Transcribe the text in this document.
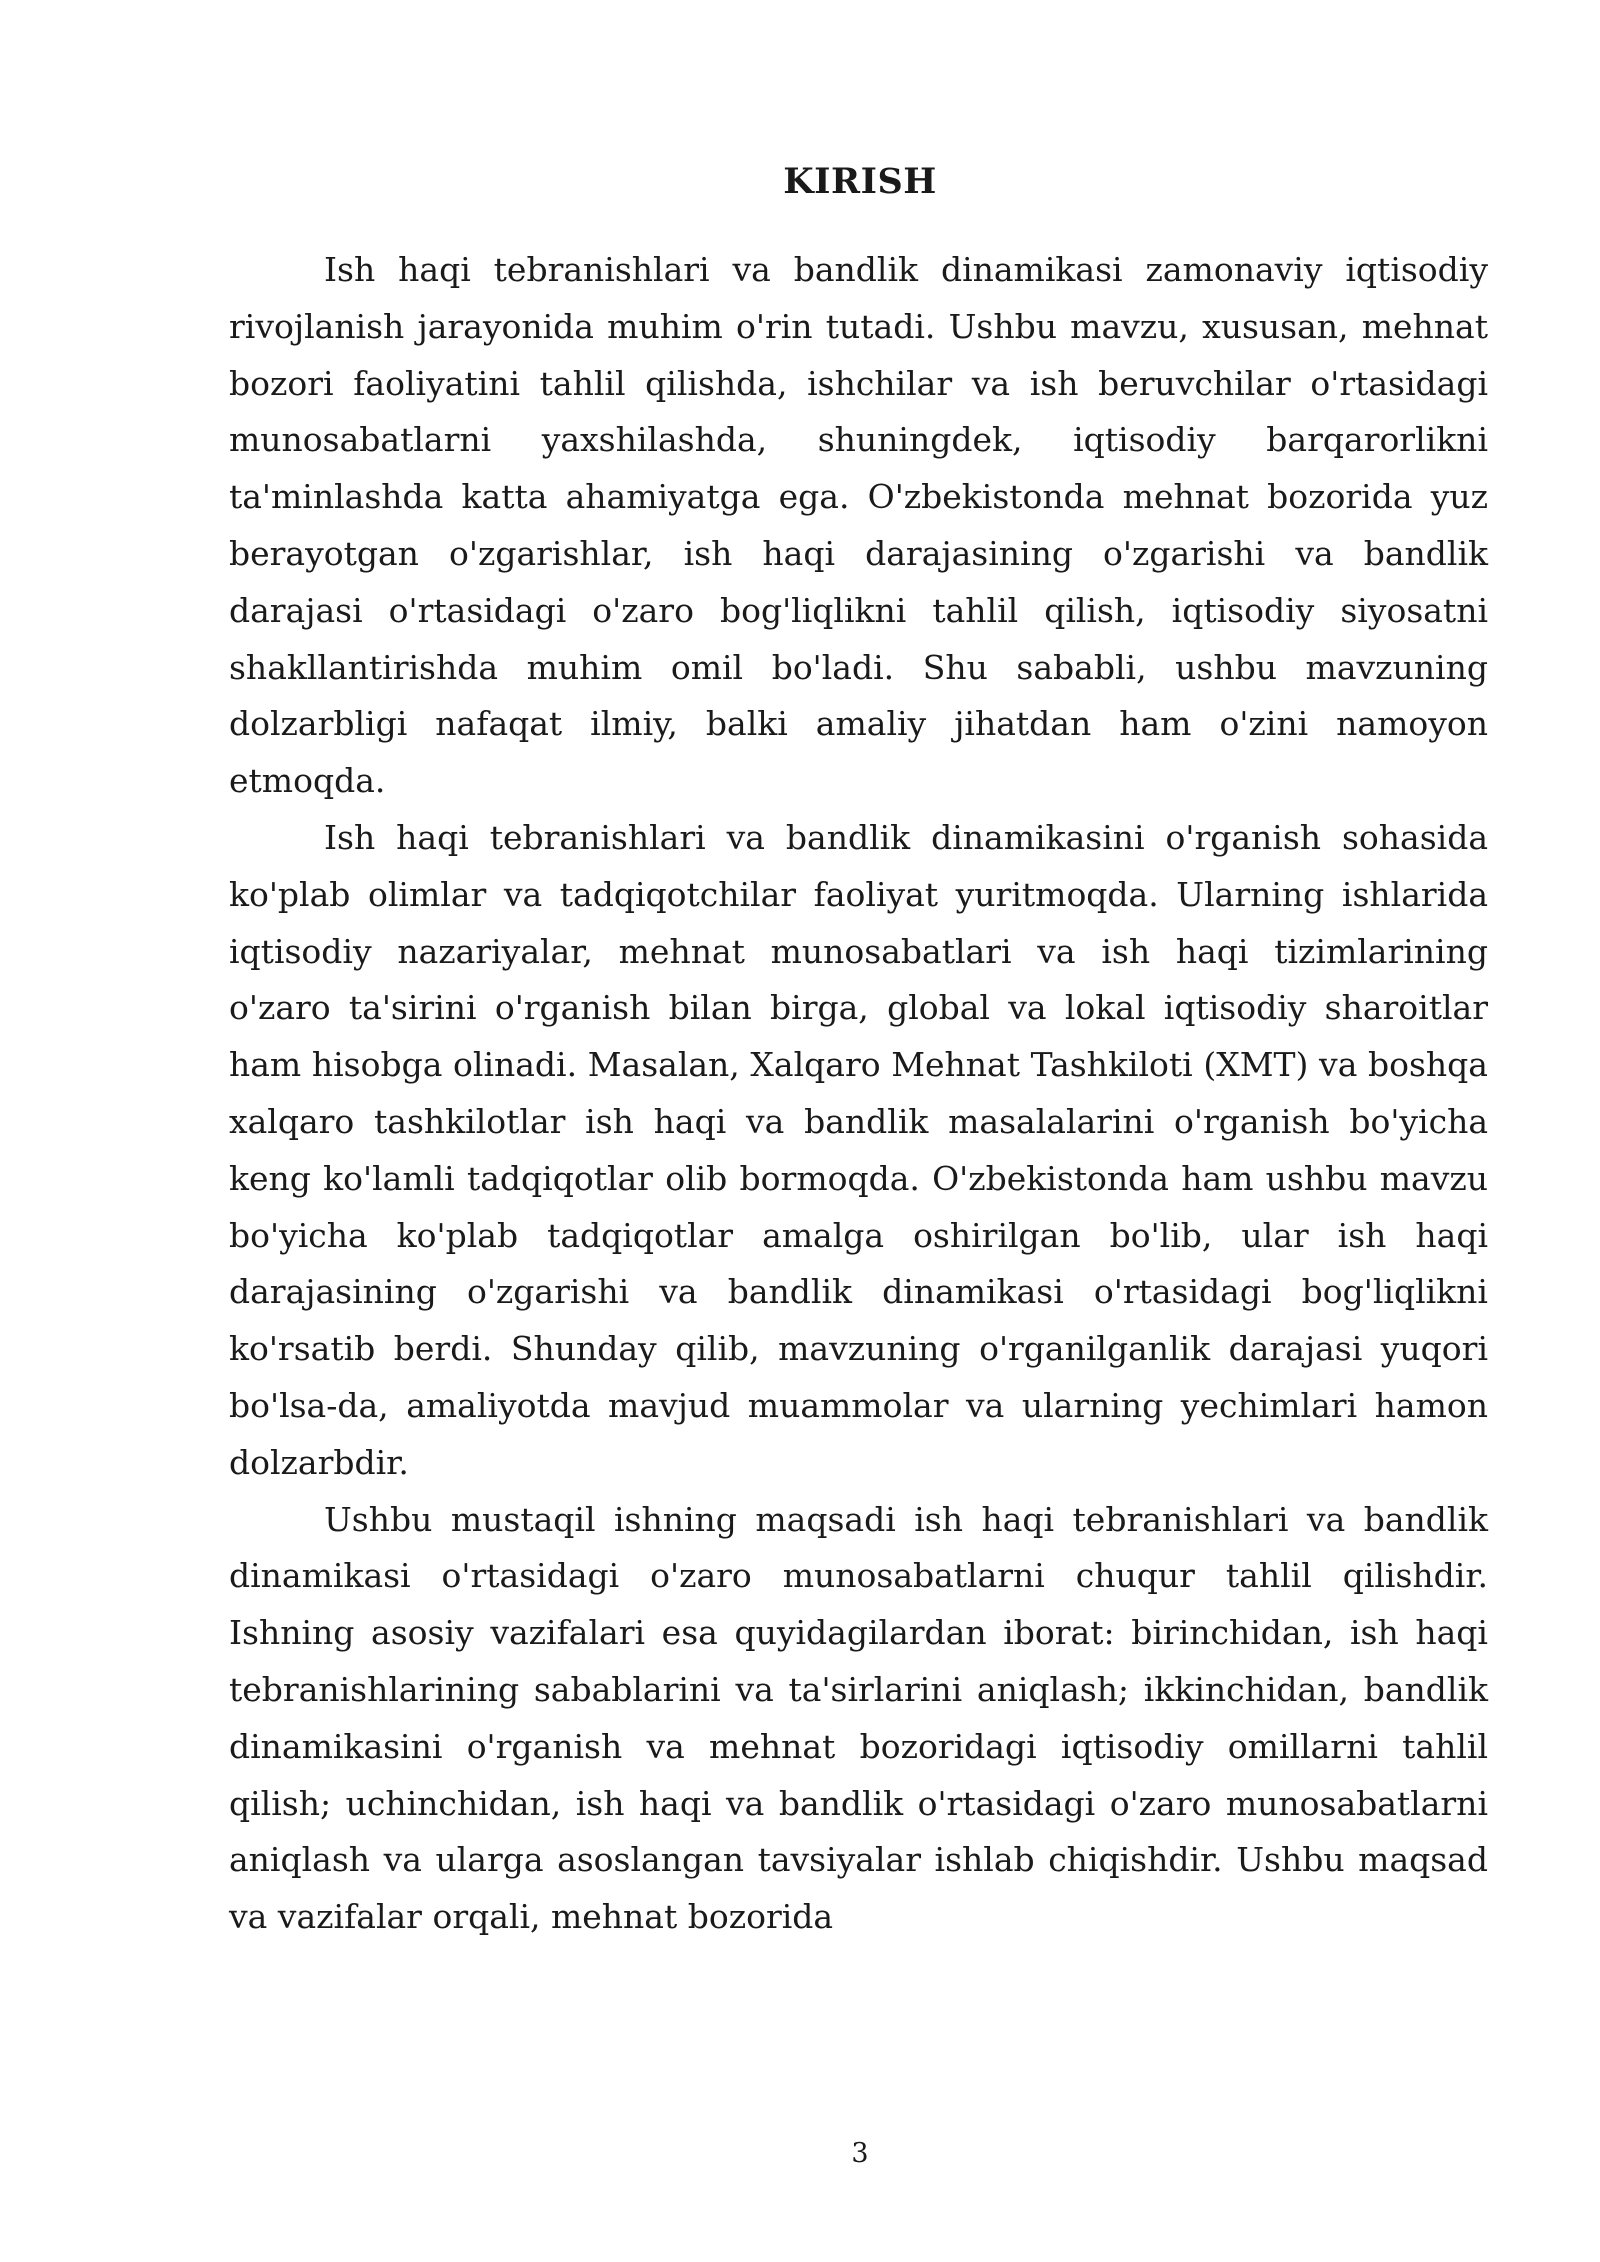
KIRISH

Ish haqi tebranishlari va bandlik dinamikasi zamonaviy iqtisodiy rivojlanish jarayonida muhim o'rin tutadi. Ushbu mavzu, xususan, mehnat bozori faoliyatini tahlil qilishda, ishchilar va ish beruvchilar o'rtasidagi munosabatlarni yaxshilashda, shuningdek, iqtisodiy barqarorlikni ta'minlashda katta ahamiyatga ega. O'zbekistonda mehnat bozorida yuz berayotgan o'zgarishlar, ish haqi darajasining o'zgarishi va bandlik darajasi o'rtasidagi o'zaro bog'liqlikni tahlil qilish, iqtisodiy siyosatni shakllantirishda muhim omil bo'ladi. Shu sababli, ushbu mavzuning dolzarbligi nafaqat ilmiy, balki amaliy jihatdan ham o'zini namoyon etmoqda.

Ish haqi tebranishlari va bandlik dinamikasini o'rganish sohasida ko'plab olimlar va tadqiqotchilar faoliyat yuritmoqda. Ularning ishlarida iqtisodiy nazariyalar, mehnat munosabatlari va ish haqi tizimlarining o'zaro ta'sirini o'rganish bilan birga, global va lokal iqtisodiy sharoitlar ham hisobga olinadi. Masalan, Xalqaro Mehnat Tashkiloti (XMT) va boshqa xalqaro tashkilotlar ish haqi va bandlik masalalarini o'rganish bo'yicha keng ko'lamli tadqiqotlar olib bormoqda. O'zbekistonda ham ushbu mavzu bo'yicha ko'plab tadqiqotlar amalga oshirilgan bo'lib, ular ish haqi darajasining o'zgarishi va bandlik dinamikasi o'rtasidagi bog'liqlikni ko'rsatib berdi. Shunday qilib, mavzuning o'rganilganlik darajasi yuqori bo'lsa-da, amaliyotda mavjud muammolar va ularning yechimlari hamon dolzarbdir.

Ushbu mustaqil ishning maqsadi ish haqi tebranishlari va bandlik dinamikasi o'rtasidagi o'zaro munosabatlarni chuqur tahlil qilishdir. Ishning asosiy vazifalari esa quyidagilardan iborat: birinchidan, ish haqi tebranishlarining sabablarini va ta'sirlarini aniqlash; ikkinchidan, bandlik dinamikasini o'rganish va mehnat bozoridagi iqtisodiy omillarni tahlil qilish; uchinchidan, ish haqi va bandlik o'rtasidagi o'zaro munosabatlarni aniqlash va ularga asoslangan tavsiyalar ishlab chiqishdir. Ushbu maqsad va vazifalar orqali, mehnat bozorida

3
